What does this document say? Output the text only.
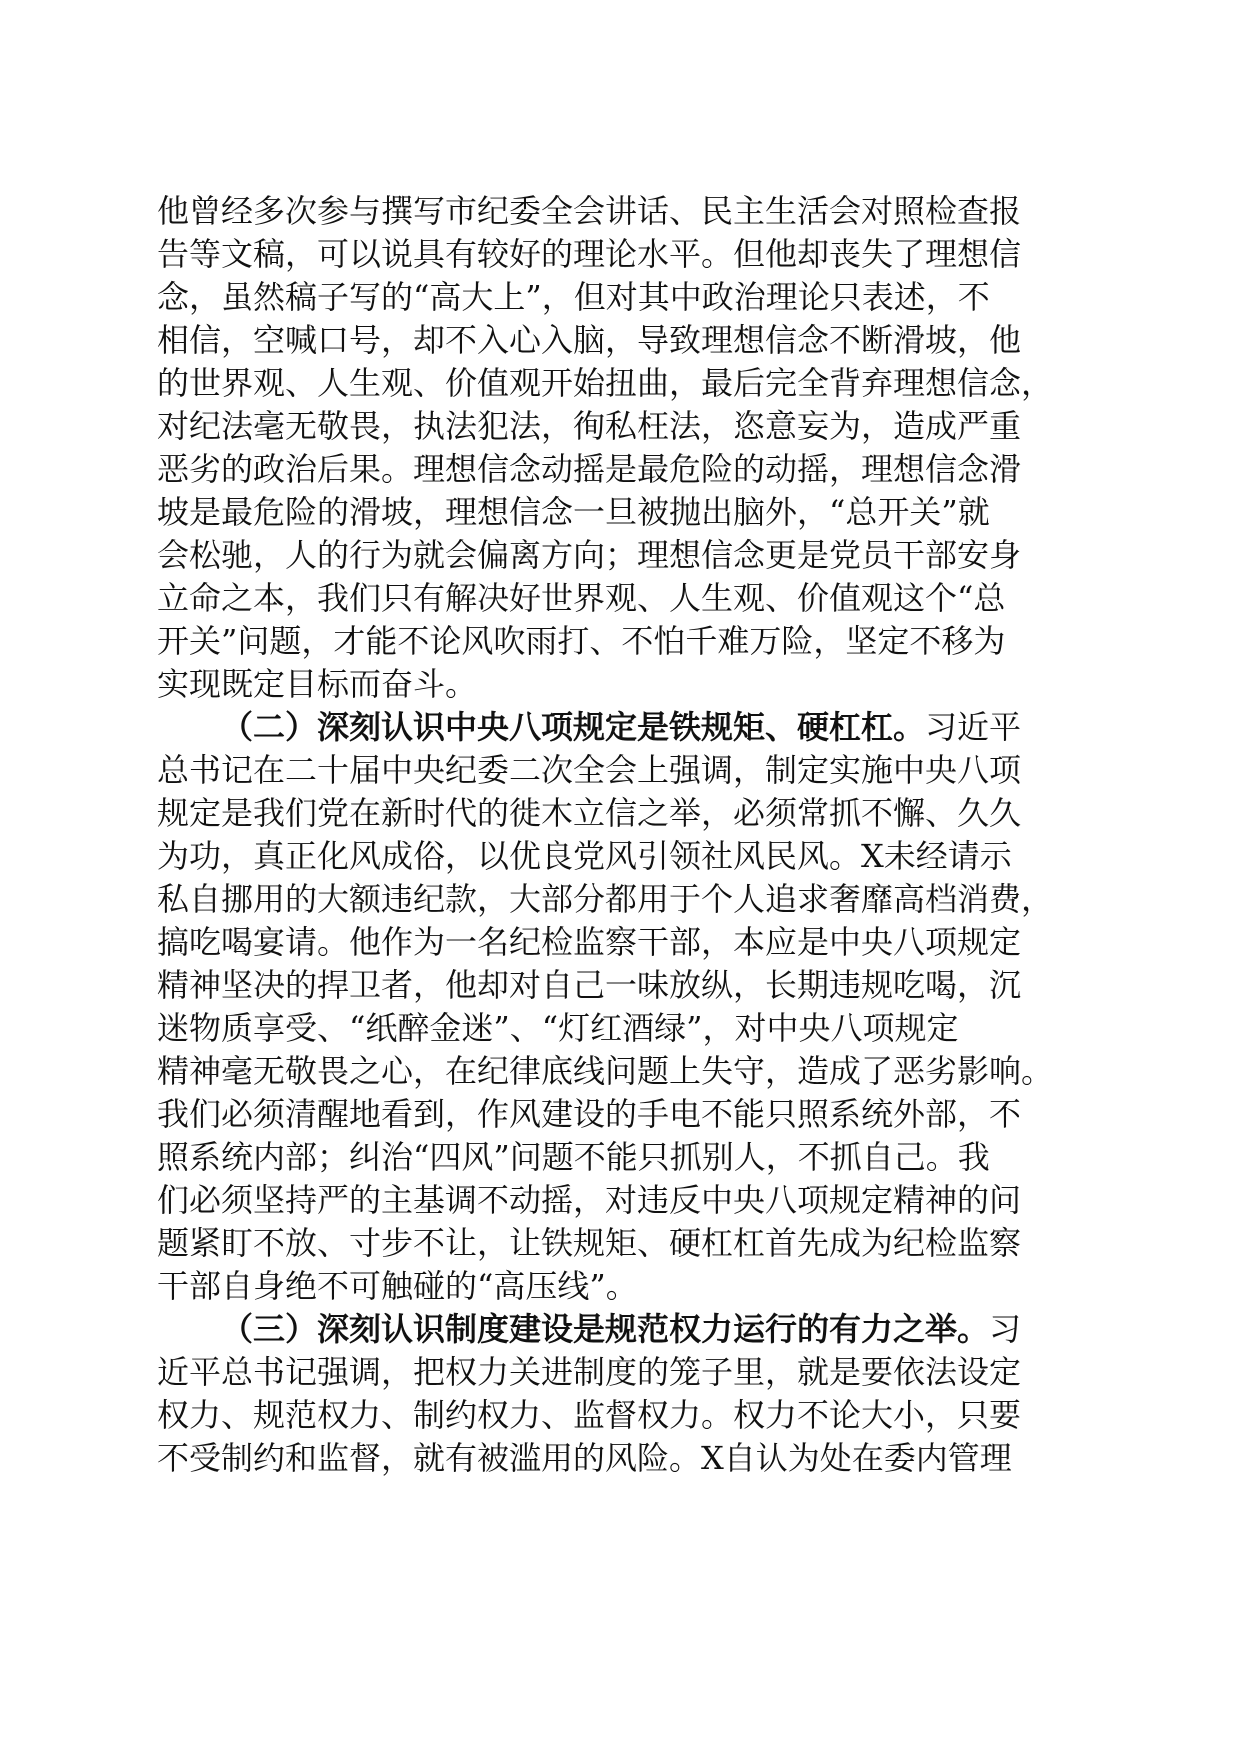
他曾经多次参与撰写市纪委全会讲话、民主生活会对照检查报

告等文稿，可以说具有较好的理论水平。但他却丧失了理想信

念，虽然稿子写的“高大上”，但对其中政治理论只表述，不

相信，空喊口号，却不入心入脑，导致理想信念不断滑坡，他

的世界观、人生观、价值观开始扭曲，最后完全背弃理想信念，

对纪法毫无敬畏，执法犯法，徇私枉法，恣意妄为，造成严重

恶劣的政治后果。理想信念动摇是最危险的动摇，理想信念滑

坡是最危险的滑坡，理想信念一旦被抛出脑外，“总开关”就

会松驰，人的行为就会偏离方向；理想信念更是党员干部安身

立命之本，我们只有解决好世界观、人生观、价值观这个“总

开关”问题，才能不论风吹雨打、不怕千难万险，坚定不移为

实现既定目标而奋斗。

（二）深刻认识中央八项规定是铁规矩、硬杠杠。习近平

总书记在二十届中央纪委二次全会上强调，制定实施中央八项

规定是我们党在新时代的徙木立信之举，必须常抓不懈、久久

为功，真正化风成俗，以优良党风引领社风民风。X未经请示

私自挪用的大额违纪款，大部分都用于个人追求奢靡高档消费，

搞吃喝宴请。他作为一名纪检监察干部，本应是中央八项规定

精神坚决的捍卫者，他却对自己一味放纵，长期违规吃喝，沉

迷物质享受、“纸醉金迷”、“灯红酒绿”，对中央八项规定

精神毫无敬畏之心，在纪律底线问题上失守，造成了恶劣影响。

我们必须清醒地看到，作风建设的手电不能只照系统外部，不

照系统内部；纠治“四风”问题不能只抓别人，不抓自己。我

们必须坚持严的主基调不动摇，对违反中央八项规定精神的问

题紧盯不放、寸步不让，让铁规矩、硬杠杠首先成为纪检监察

干部自身绝不可触碰的“高压线”。

（三）深刻认识制度建设是规范权力运行的有力之举。习

近平总书记强调，把权力关进制度的笼子里，就是要依法设定

权力、规范权力、制约权力、监督权力。权力不论大小，只要

不受制约和监督，就有被滥用的风险。X自认为处在委内管理
